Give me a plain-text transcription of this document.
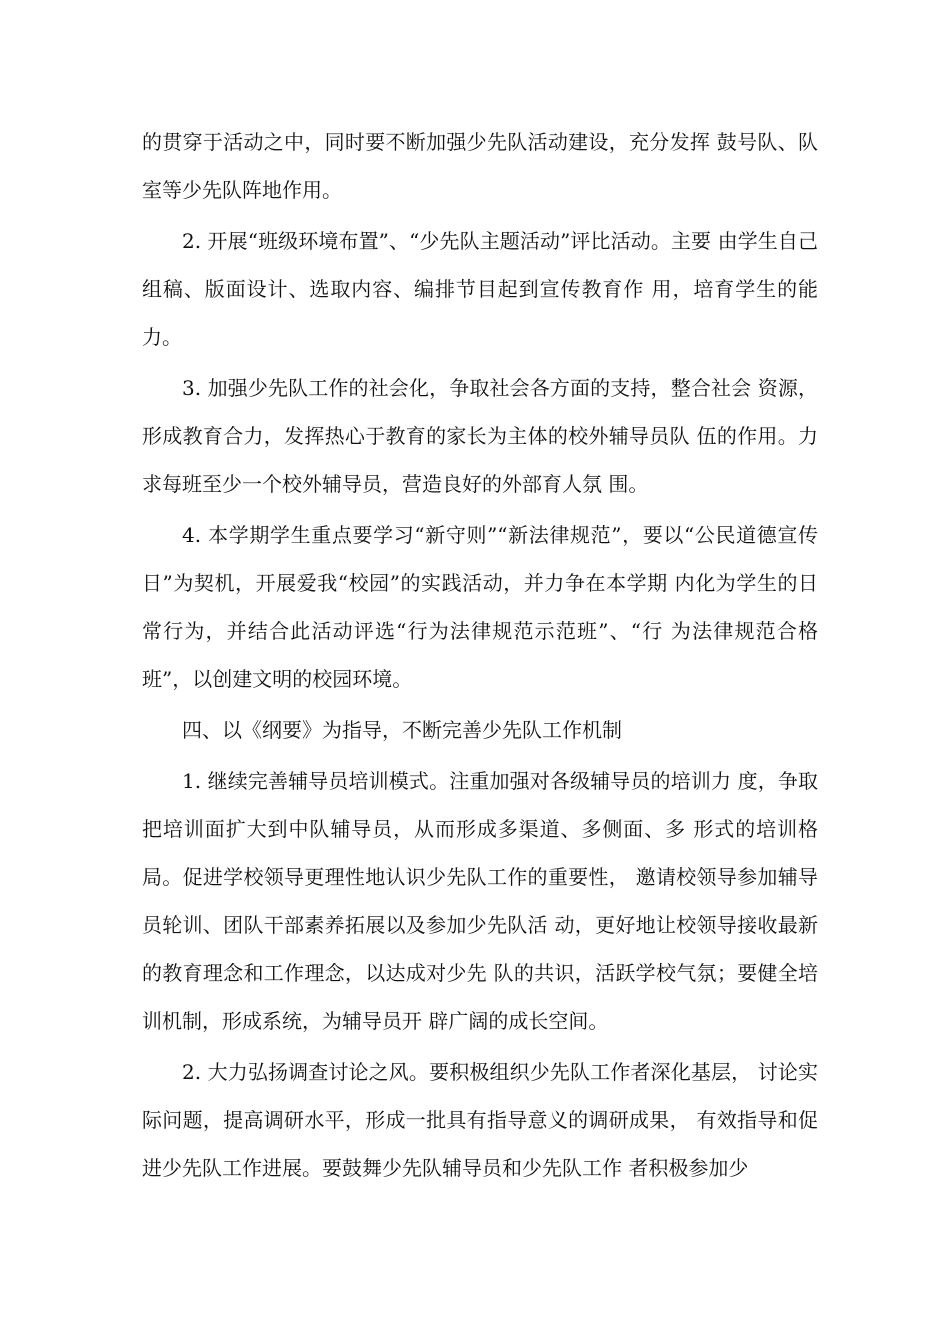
的贯穿于活动之中，同时要不断加强少先队活动建设，充分发挥 鼓号队、队室等少先队阵地作用。

2. 开展“班级环境布置”、“少先队主题活动”评比活动。主要 由学生自己组稿、版面设计、选取内容、编排节目起到宣传教育作 用，培育学生的能力。

3. 加强少先队工作的社会化，争取社会各方面的支持，整合社会 资源，形成教育合力，发挥热心于教育的家长为主体的校外辅导员队 伍的作用。力求每班至少一个校外辅导员，营造良好的外部育人氛 围。

4. 本学期学生重点要学习“新守则”“新法律规范”，要以“公民道德宣传日”为契机，开展爱我“校园”的实践活动，并力争在本学期 内化为学生的日常行为，并结合此活动评选“行为法律规范示范班”、“行 为法律规范合格班”，以创建文明的校园环境。

四、以《纲要》为指导，不断完善少先队工作机制

1. 继续完善辅导员培训模式。注重加强对各级辅导员的培训力 度，争取把培训面扩大到中队辅导员，从而形成多渠道、多侧面、多 形式的培训格局。促进学校领导更理性地认识少先队工作的重要性， 邀请校领导参加辅导员轮训、团队干部素养拓展以及参加少先队活 动，更好地让校领导接收最新的教育理念和工作理念，以达成对少先 队的共识，活跃学校气氛；要健全培训机制，形成系统，为辅导员开 辟广阔的成长空间。

2. 大力弘扬调查讨论之风。要积极组织少先队工作者深化基层， 讨论实际问题，提高调研水平，形成一批具有指导意义的调研成果， 有效指导和促进少先队工作进展。要鼓舞少先队辅导员和少先队工作 者积极参加少
